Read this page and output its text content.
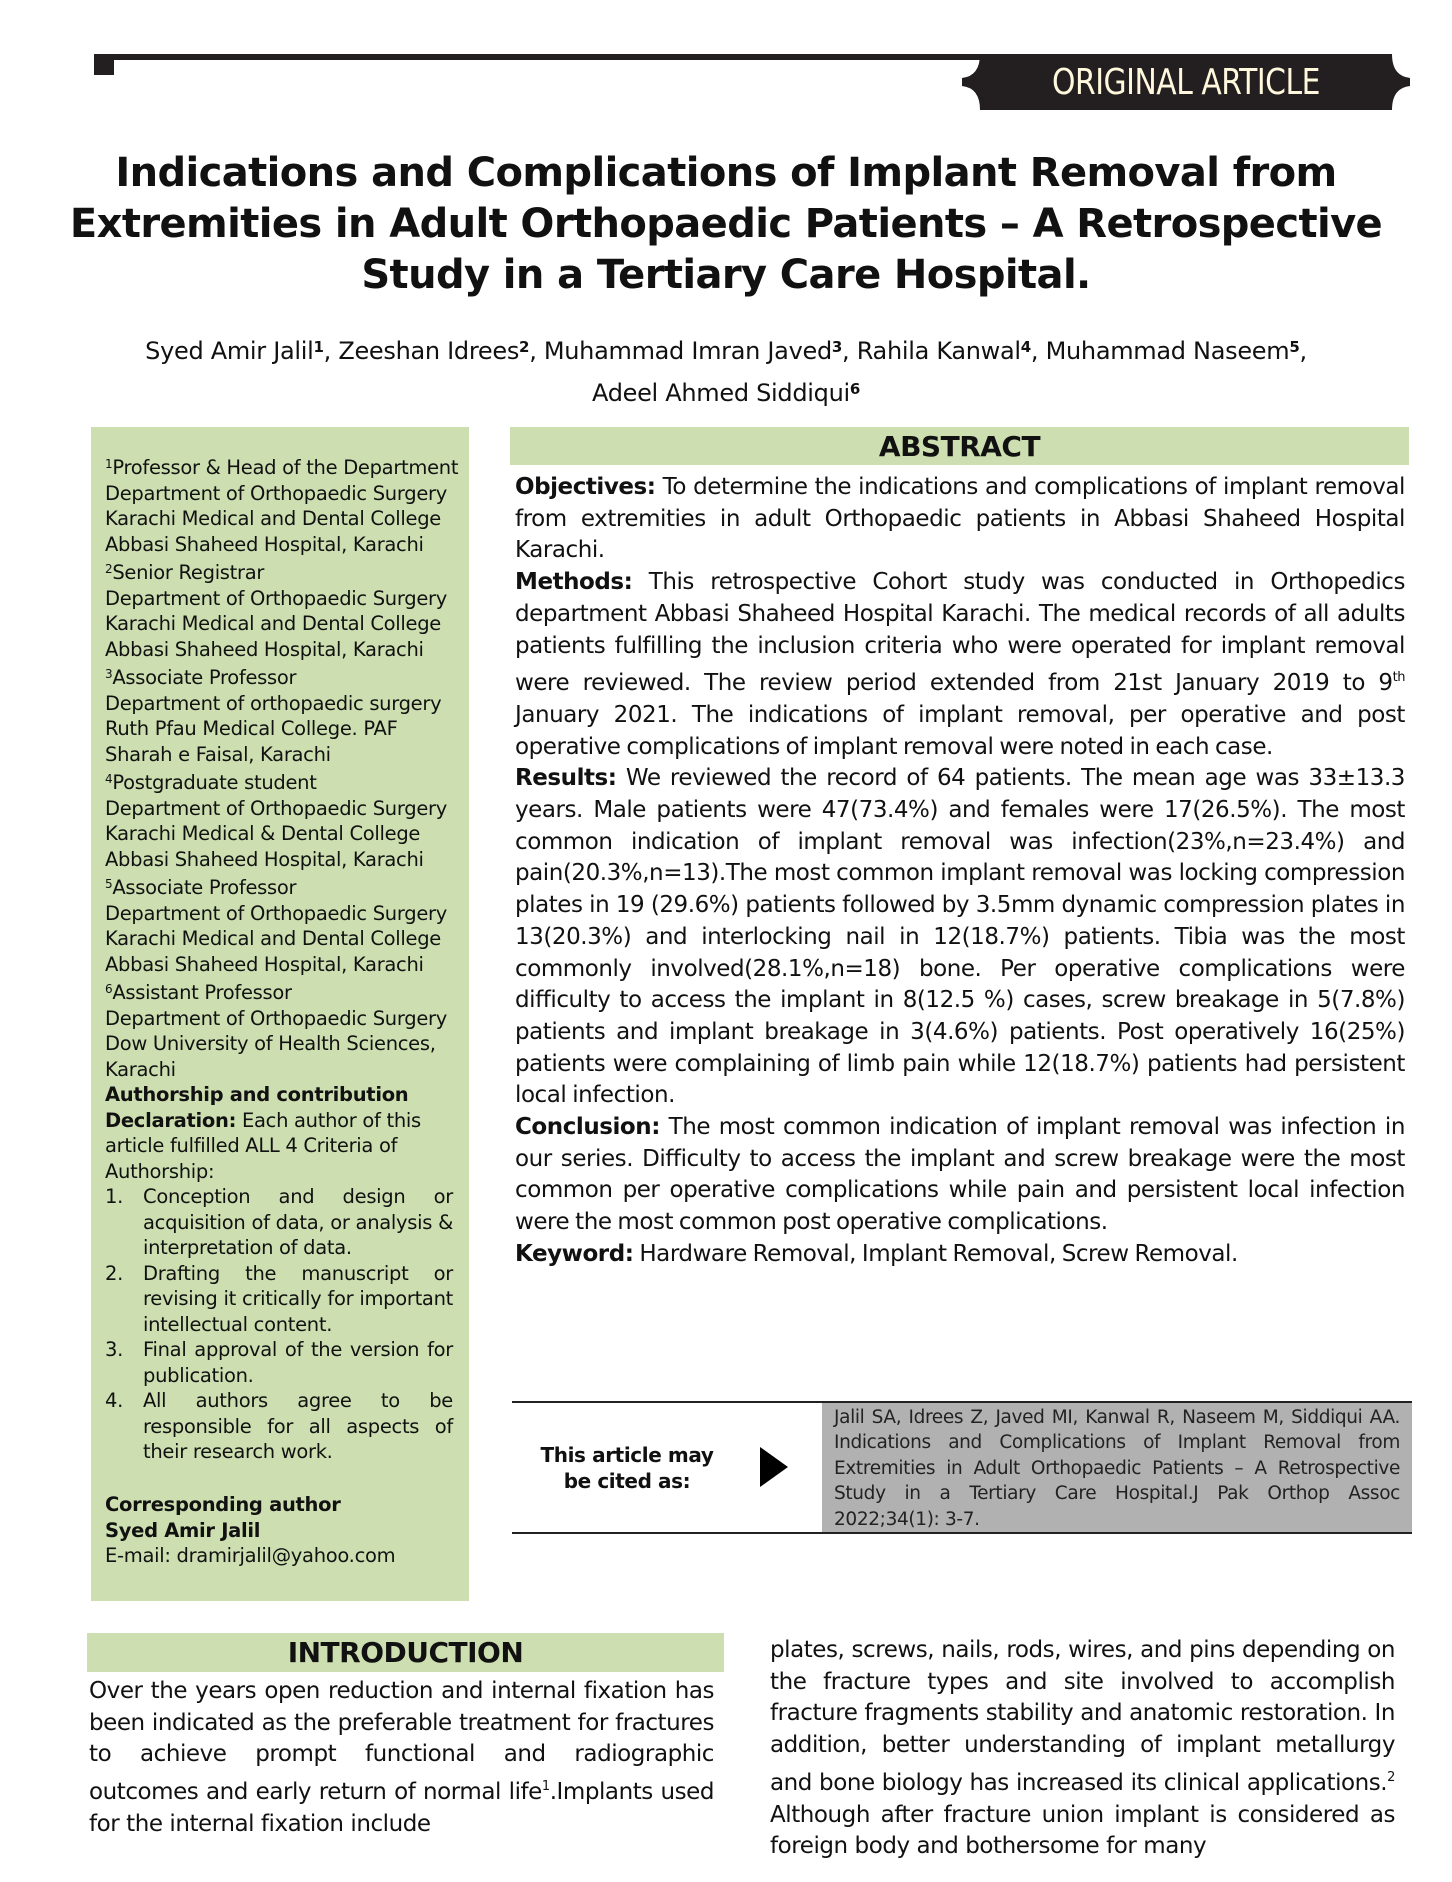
ORIGINAL ARTICLE
Indications and Complications of Implant Removal from
Extremities in Adult Orthopaedic Patients – A Retrospective
Study in a Tertiary Care Hospital.
Syed Amir Jalil$^1$, Zeeshan Idrees$^2$, Muhammad Imran Javed$^3$, Rahila Kanwal$^4$, Muhammad Naseem$^5$,
Adeel Ahmed Siddiqui$^6$
$^1$Professor & Head of the Department
Department of Orthopaedic Surgery
Karachi Medical and Dental College
Abbasi Shaheed Hospital, Karachi
$^2$Senior Registrar
Department of Orthopaedic Surgery
Karachi Medical and Dental College
Abbasi Shaheed Hospital, Karachi
$^3$Associate Professor
Department of orthopaedic surgery
Ruth Pfau Medical College. PAF
Sharah e Faisal, Karachi
$^4$Postgraduate student
Department of Orthopaedic Surgery
Karachi Medical & Dental College
Abbasi Shaheed Hospital, Karachi
$^5$Associate Professor
Department of Orthopaedic Surgery
Karachi Medical and Dental College
Abbasi Shaheed Hospital, Karachi
$^6$Assistant Professor
Department of Orthopaedic Surgery
Dow University of Health Sciences,
Karachi
Authorship and contribution
Declaration: Each author of this article fulfilled ALL 4 Criteria of Authorship:
1. Conception and design or acquisition of data, or analysis & interpretation of data.
2. Drafting the manuscript or revising it critically for important intellectual content.
3. Final approval of the version for publication.
4. All authors agree to be responsible for all aspects of their research work.
Corresponding author
Syed Amir Jalil
E-mail: dramirjalil@yahoo.com
ABSTRACT

Objectives: To determine the indications and complications of implant removal from extremities in adult Orthopaedic patients in Abbasi Shaheed Hospital Karachi.

Methods: This retrospective Cohort study was conducted in Orthopedics department Abbasi Shaheed Hospital Karachi. The medical records of all adults patients fulfilling the inclusion criteria who were operated for implant removal were reviewed. The review period extended from 21st January 2019 to 9th January 2021. The indications of implant removal, per operative and post operative complications of implant removal were noted in each case.

Results: We reviewed the record of 64 patients. The mean age was 33±13.3 years. Male patients were 47(73.4%) and females were 17(26.5%). The most common indication of implant removal was infection(23%,n=23.4%) and pain(20.3%,n=13).The most common implant removal was locking compression plates in 19 (29.6%) patients followed by 3.5mm dynamic compression plates in 13(20.3%) and interlocking nail in 12(18.7%) patients. Tibia was the most commonly involved(28.1%,n=18) bone. Per operative complications were difficulty to access the implant in 8(12.5 %) cases, screw breakage in 5(7.8%) patients and implant breakage in 3(4.6%) patients. Post operatively 16(25%) patients were complaining of limb pain while 12(18.7%) patients had persistent local infection.

Conclusion: The most common indication of implant removal was infection in our series. Difficulty to access the implant and screw breakage were the most common per operative complications while pain and persistent local infection were the most common post operative complications.

Keyword: Hardware Removal, Implant Removal, Screw Removal.

This article may
be cited as:
Jalil SA, Idrees Z, Javed MI, Kanwal R, Naseem M, Siddiqui AA. Indications and Complications of Implant Removal from Extremities in Adult Orthopaedic Patients – A Retrospective Study in a Tertiary Care Hospital.J Pak Orthop Assoc 2022;34(1): 3-7.
INTRODUCTION

Over the years open reduction and internal fixation has been indicated as the preferable treatment for fractures to achieve prompt functional and radiographic outcomes and early return of normal life$^1$.Implants used for the internal fixation include

plates, screws, nails, rods, wires, and pins depending on the fracture types and site involved to accomplish fracture fragments stability and anatomic restoration. In addition, better understanding of implant metallurgy and bone biology has increased its clinical applications.$^2$ Although after fracture union implant is considered as foreign body and bothersome for many
